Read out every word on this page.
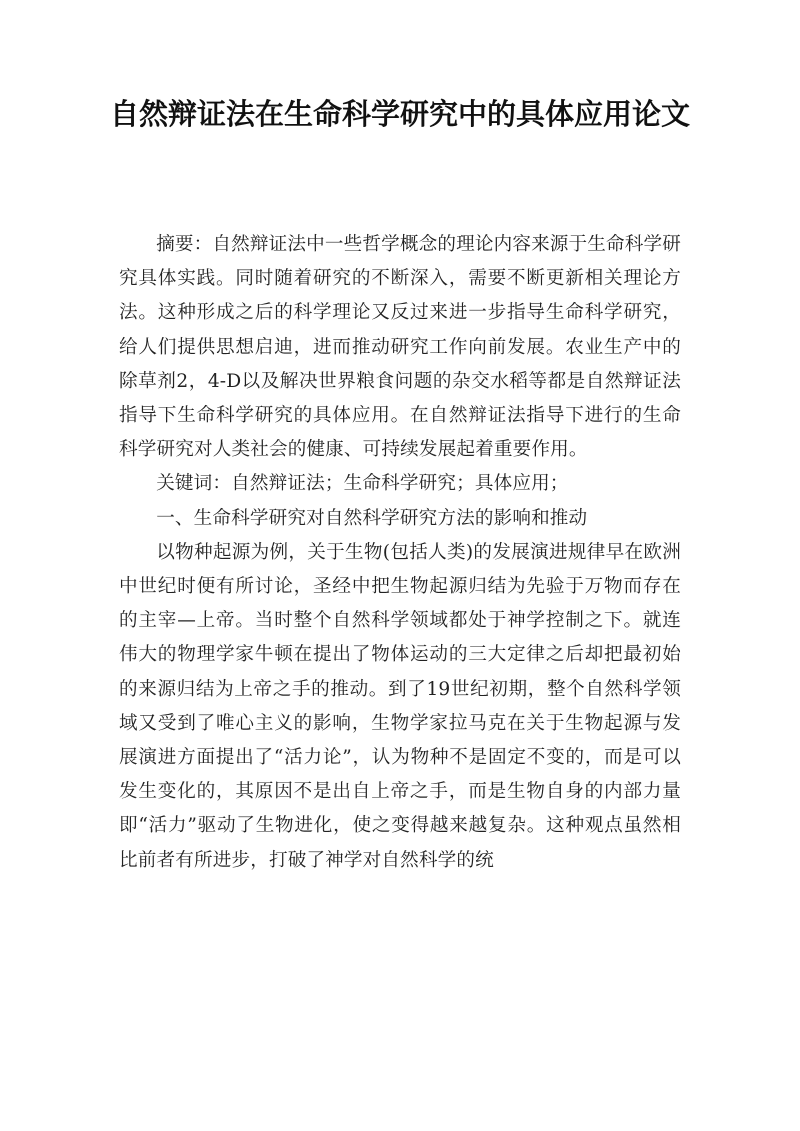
自然辩证法在生命科学研究中的具体应用论文

摘要：自然辩证法中一些哲学概念的理论内容来源于生命科学研究具体实践。同时随着研究的不断深入，需要不断更新相关理论方法。这种形成之后的科学理论又反过来进一步指导生命科学研究，给人们提供思想启迪，进而推动研究工作向前发展。农业生产中的除草剂2，4-D以及解决世界粮食问题的杂交水稻等都是自然辩证法指导下生命科学研究的具体应用。在自然辩证法指导下进行的生命科学研究对人类社会的健康、可持续发展起着重要作用。

关键词：自然辩证法；生命科学研究；具体应用；

一、生命科学研究对自然科学研究方法的影响和推动

以物种起源为例，关于生物(包括人类)的发展演进规律早在欧洲中世纪时便有所讨论，圣经中把生物起源归结为先验于万物而存在的主宰—上帝。当时整个自然科学领域都处于神学控制之下。就连伟大的物理学家牛顿在提出了物体运动的三大定律之后却把最初始的来源归结为上帝之手的推动。到了19世纪初期，整个自然科学领域又受到了唯心主义的影响，生物学家拉马克在关于生物起源与发展演进方面提出了“活力论”，认为物种不是固定不变的，而是可以发生变化的，其原因不是出自上帝之手，而是生物自身的内部力量即“活力”驱动了生物进化，使之变得越来越复杂。这种观点虽然相比前者有所进步，打破了神学对自然科学的统
